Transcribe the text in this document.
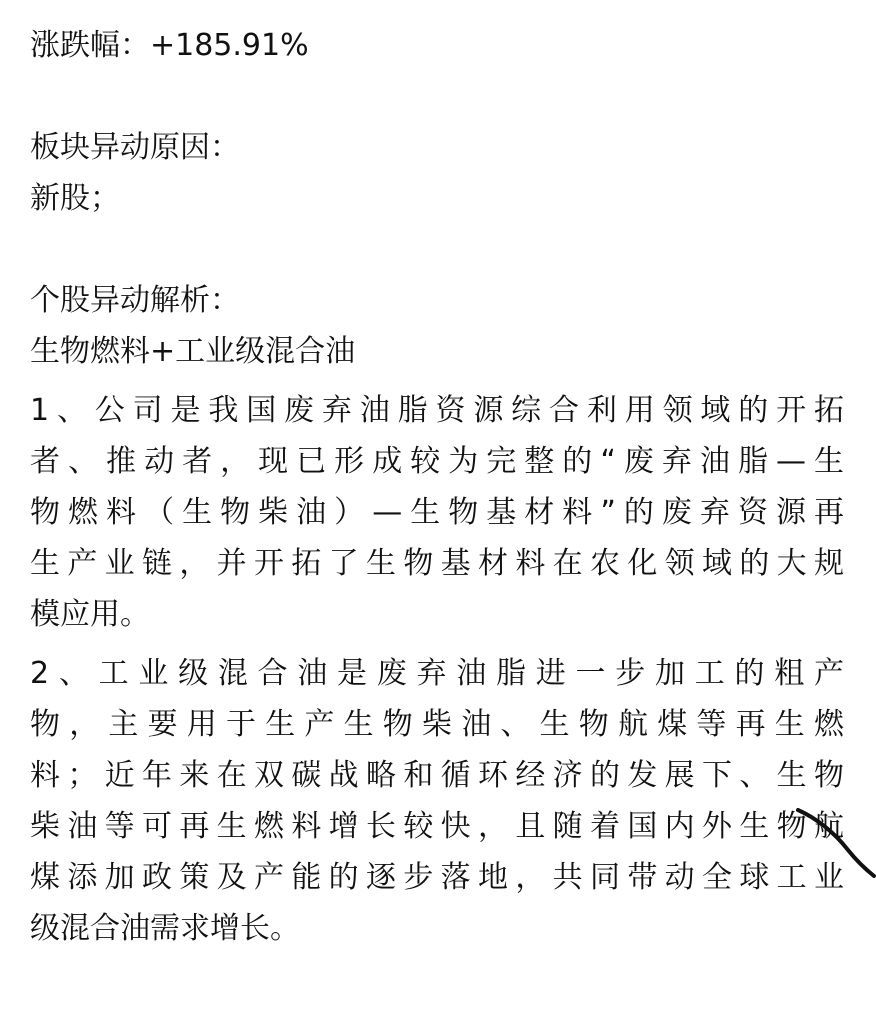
涨跌幅：+185.91%
板块异动原因：
新股；
个股异动解析：
生物燃料+工业级混合油
1、公司是我国废弃油脂资源综合利用领域的开拓
者、推动者，现已形成较为完整的“废弃油脂—生
物燃料（生物柴油）—生物基材料”的废弃资源再
生产业链，并开拓了生物基材料在农化领域的大规
模应用。
2、工业级混合油是废弃油脂进一步加工的粗产
物，主要用于生产生物柴油、生物航煤等再生燃
料；近年来在双碳战略和循环经济的发展下、生物
柴油等可再生燃料增长较快，且随着国内外生物航
煤添加政策及产能的逐步落地，共同带动全球工业
级混合油需求增长。
